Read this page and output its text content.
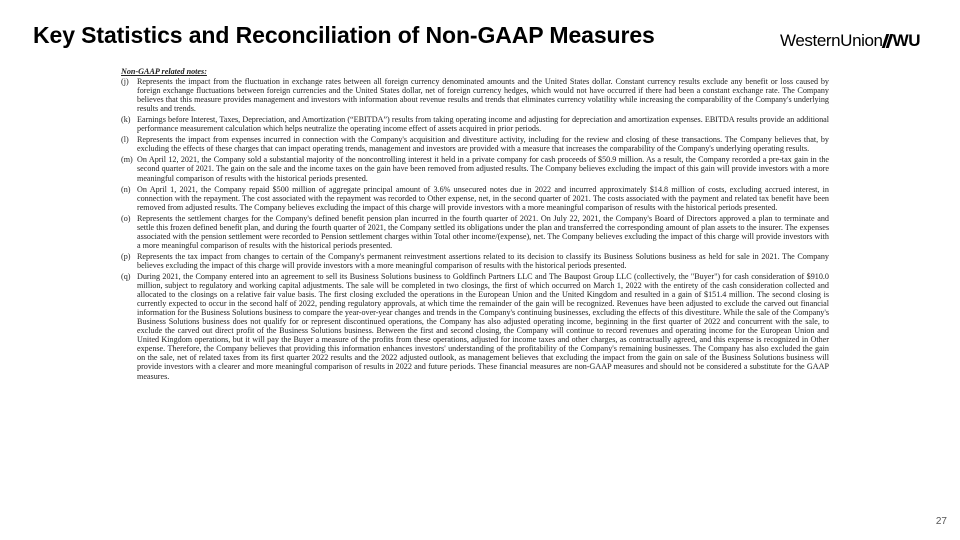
Key Statistics and Reconciliation of Non-GAAP Measures	WesternUnion WU
Non-GAAP related notes:
(j)	Represents the impact from the fluctuation in exchange rates between all foreign currency denominated amounts and the United States dollar. Constant currency results exclude any benefit or loss caused by foreign exchange fluctuations between foreign currencies and the United States dollar, net of foreign currency hedges, which would not have occurred if there had been a constant exchange rate. The Company believes that this measure provides management and investors with information about revenue results and trends that eliminates currency volatility while increasing the comparability of the Company's underlying results and trends.
(k) Earnings before Interest, Taxes, Depreciation, and Amortization (“EBITDA”) results from taking operating income and adjusting for depreciation and amortization expenses. EBITDA results provide an additional performance measurement calculation which helps neutralize the operating income effect of assets acquired in prior periods.
(l)	Represents the impact from expenses incurred in connection with the Company's acquisition and divestiture activity, including for the review and closing of these transactions. The Company believes that, by excluding the effects of these charges that can impact operating trends, management and investors are provided with a measure that increases the comparability of the Company's underlying operating results.
(m) On April 12, 2021, the Company sold a substantial majority of the noncontrolling interest it held in a private company for cash proceeds of $50.9 million. As a result, the Company recorded a pre-tax gain in the second quarter of 2021. The gain on the sale and the income taxes on the gain have been removed from adjusted results. The Company believes excluding the impact of this gain will provide investors with a more meaningful comparison of results with the historical periods presented.
(n) On April 1, 2021, the Company repaid $500 million of aggregate principal amount of 3.6% unsecured notes due in 2022 and incurred approximately $14.8 million of costs, excluding accrued interest, in connection with the repayment. The cost associated with the repayment was recorded to Other expense, net, in the second quarter of 2021. The costs associated with the payment and related tax benefit have been removed from adjusted results. The Company believes excluding the impact of this charge will provide investors with a more meaningful comparison of results with the historical periods presented.
(o) Represents the settlement charges for the Company's defined benefit pension plan incurred in the fourth quarter of 2021. On July 22, 2021, the Company's Board of Directors approved a plan to terminate and settle this frozen defined benefit plan, and during the fourth quarter of 2021, the Company settled its obligations under the plan and transferred the corresponding amount of plan assets to the insurer. The expenses associated with the pension settlement were recorded to Pension settlement charges within Total other income/(expense), net. The Company believes excluding the impact of this charge will provide investors with a more meaningful comparison of results with the historical periods presented.
(p) Represents the tax impact from changes to certain of the Company's permanent reinvestment assertions related to its decision to classify its Business Solutions business as held for sale in 2021. The Company believes excluding the impact of this charge will provide investors with a more meaningful comparison of results with the historical periods presented.
(q) During 2021, the Company entered into an agreement to sell its Business Solutions business to Goldfinch Partners LLC and The Baupost Group LLC (collectively, the "Buyer") for cash consideration of $910.0 million, subject to regulatory and working capital adjustments. The sale will be completed in two closings, the first of which occurred on March 1, 2022 with the entirety of the cash consideration collected and allocated to the closings on a relative fair value basis. The first closing excluded the operations in the European Union and the United Kingdom and resulted in a gain of $151.4 million. The second closing is currently expected to occur in the second half of 2022, pending regulatory approvals, at which time the remainder of the gain will be recognized. Revenues have been adjusted to exclude the carved out financial information for the Business Solutions business to compare the year-over-year changes and trends in the Company's continuing businesses, excluding the effects of this divestiture. While the sale of the Company's Business Solutions business does not qualify for or represent discontinued operations, the Company has also adjusted operating income, beginning in the first quarter of 2022 and concurrent with the sale, to exclude the carved out direct profit of the Business Solutions business. Between the first and second closing, the Company will continue to record revenues and operating income for the European Union and United Kingdom operations, but it will pay the Buyer a measure of the profits from these operations, adjusted for income taxes and other charges, as contractually agreed, and this expense is recognized in Other expense. Therefore, the Company believes that providing this information enhances investors' understanding of the profitability of the Company's remaining businesses. The Company has also excluded the gain on the sale, net of related taxes from its first quarter 2022 results and the 2022 adjusted outlook, as management believes that excluding the impact from the gain on sale of the Business Solutions business will provide investors with a clearer and more meaningful comparison of results in 2022 and future periods. These financial measures are non-GAAP measures and should not be considered a substitute for the GAAP measures.
27
